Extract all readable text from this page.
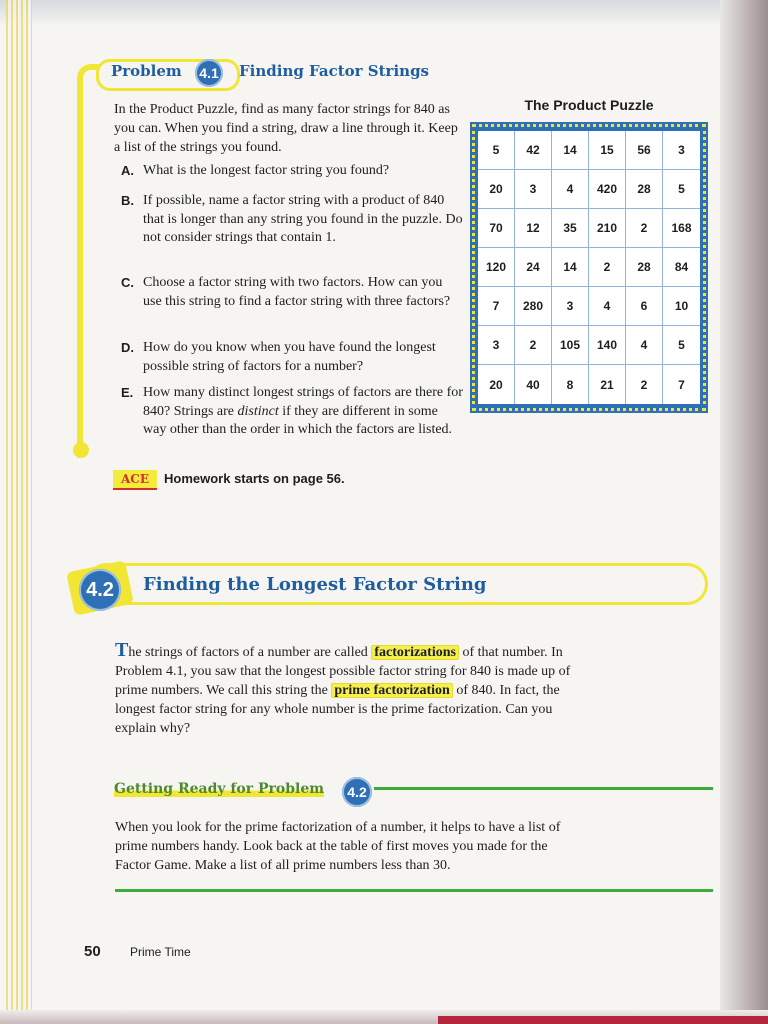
Problem	4.1 Finding Factor Strings

In the Product Puzzle, find as many factor strings for 840 as you can. When you find a string, draw a line through it. Keep a list of the strings you found.

A. What is the longest factor string you found?
B. If possible, name a factor string with a product of 840 that is longer than any string you found in the puzzle. Do not consider strings that contain 1.
C. Choose a factor string with two factors. How can you use this string to find a factor string with three factors?
D. How do you know when you have found the longest possible string of factors for a number?
E. How many distinct longest strings of factors are there for 840? Strings are distinct if they are different in some way other than the order in which the factors are listed.
ACE	Homework starts on page 56.
The Product Puzzle
5	42	14	15	56	3
20	3	4	420	28	5
70	12	35	210	2	168
120	24	14	2	28	84
7	280	3	4	6	10
3	2	105	140	4	5
20	40	8	21	2	7
4.2	Finding the Longest Factor String

The strings of factors of a number are called factorizations of that number. In Problem 4.1, you saw that the longest possible factor string for 840 is made up of prime numbers. We call this string the prime factorization of 840. In fact, the longest factor string for any whole number is the prime factorization. Can you explain why?

Getting Ready for Problem	4.2

When you look for the prime factorization of a number, it helps to have a list of prime numbers handy. Look back at the table of first moves you made for the Factor Game. Make a list of all prime numbers less than 30.

50 Prime Time
